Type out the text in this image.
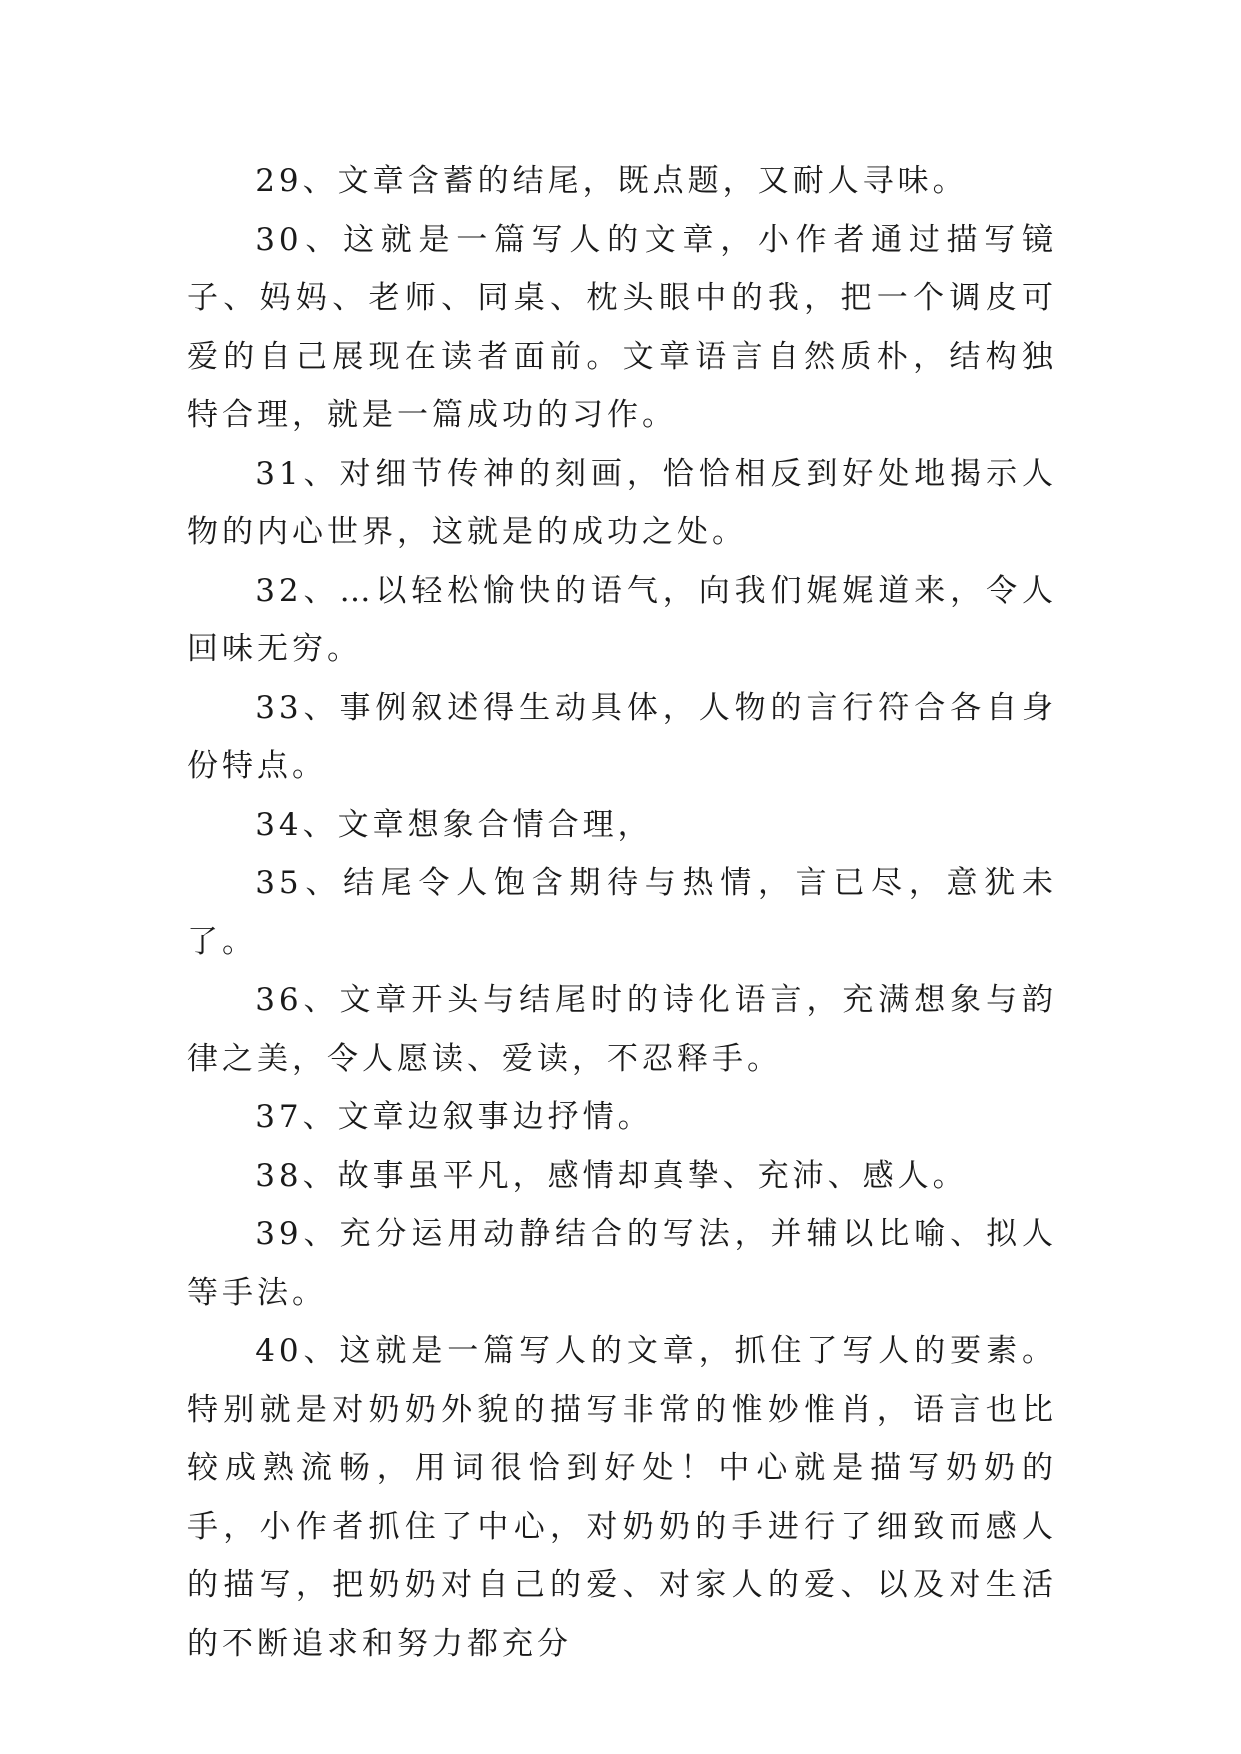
29、文章含蓄的结尾，既点题，又耐人寻味。

30、这就是一篇写人的文章，小作者通过描写镜子、妈妈、老师、同桌、枕头眼中的我，把一个调皮可爱的自己展现在读者面前。文章语言自然质朴，结构独特合理，就是一篇成功的习作。

31、对细节传神的刻画，恰恰相反到好处地揭示人物的内心世界，这就是的成功之处。

32、…以轻松愉快的语气，向我们娓娓道来，令人回味无穷。

33、事例叙述得生动具体，人物的言行符合各自身份特点。

34、文章想象合情合理，

35、结尾令人饱含期待与热情，言已尽，意犹未了。

36、文章开头与结尾时的诗化语言，充满想象与韵律之美，令人愿读、爱读，不忍释手。

37、文章边叙事边抒情。

38、故事虽平凡，感情却真挚、充沛、感人。

39、充分运用动静结合的写法，并辅以比喻、拟人等手法。

40、这就是一篇写人的文章，抓住了写人的要素。特别就是对奶奶外貌的描写非常的惟妙惟肖，语言也比较成熟流畅，用词很恰到好处！中心就是描写奶奶的手，小作者抓住了中心，对奶奶的手进行了细致而感人的描写，把奶奶对自己的爱、对家人的爱、以及对生活的不断追求和努力都充分
